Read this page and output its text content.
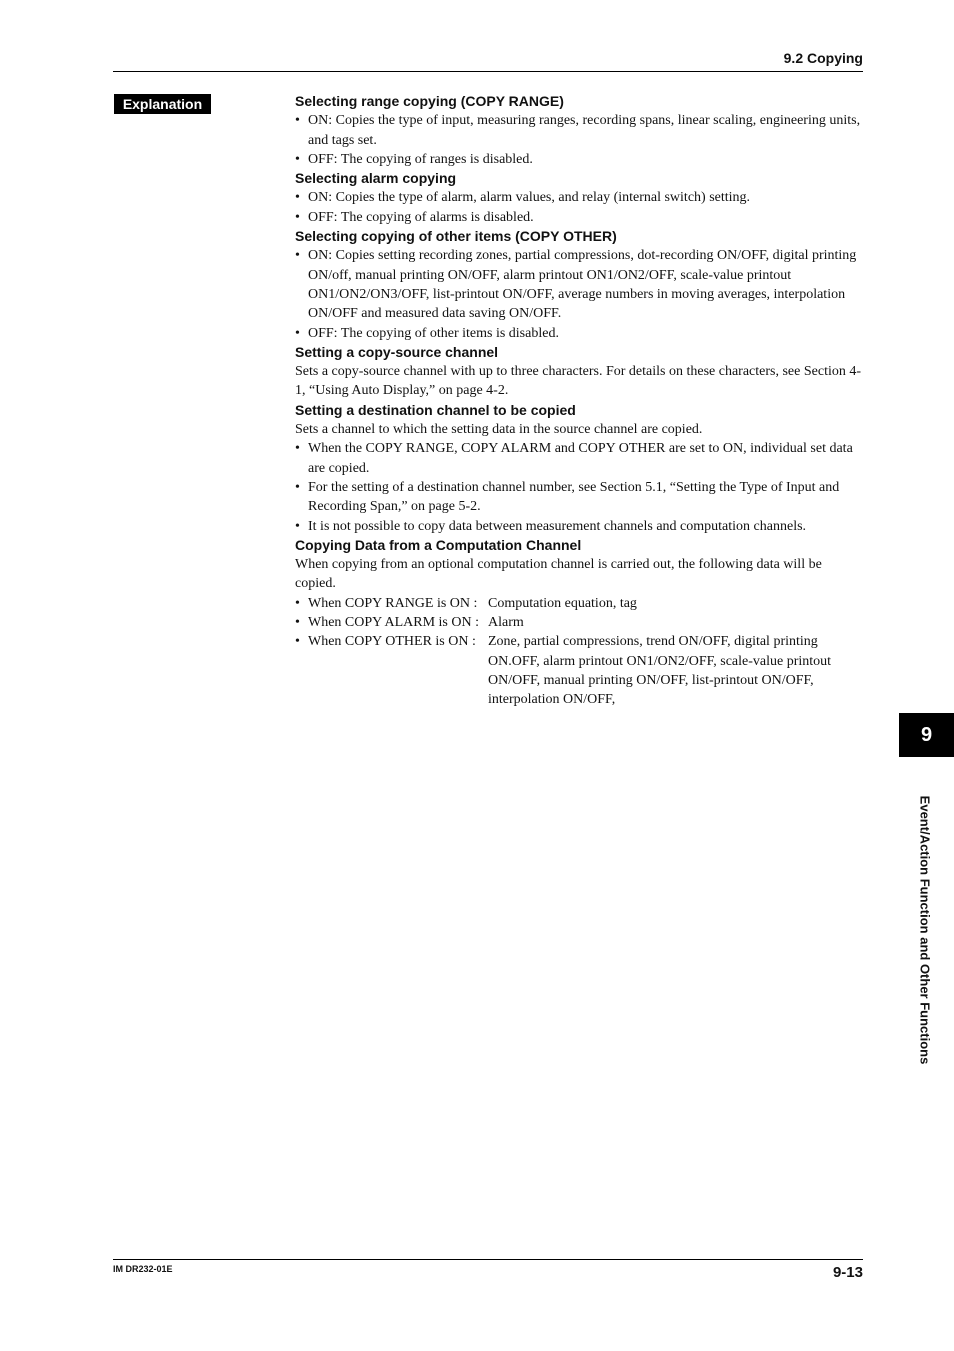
9.2 Copying
Explanation	Selecting range copying (COPY RANGE)

• ON: Copies the type of input, measuring ranges, recording spans, linear scaling, engineering units, and tags set.
• OFF: The copying of ranges is disabled.

Selecting alarm copying

• ON: Copies the type of alarm, alarm values, and relay (internal switch) setting.
• OFF: The copying of alarms is disabled.

Selecting copying of other items (COPY OTHER)

• ON: Copies setting recording zones, partial compressions, dot-recording ON/OFF, digital printing ON/off, manual printing ON/OFF, alarm printout ON1/ON2/OFF, scale-value printout ON1/ON2/ON3/OFF, list-printout ON/OFF, average numbers in moving averages, interpolation ON/OFF and measured data saving ON/OFF.
• OFF: The copying of other items is disabled.

Setting a copy-source channel

Sets a copy-source channel with up to three characters. For details on these characters, see Section 4-1, “Using Auto Display,” on page 4-2.

Setting a destination channel to be copied

Sets a channel to which the setting data in the source channel are copied.

• When the COPY RANGE, COPY ALARM and COPY OTHER are set to ON, individual set data are copied.
• For the setting of a destination channel number, see Section 5.1, “Setting the Type of Input and Recording Span,” on page 5-2.
• It is not possible to copy data between measurement channels and computation channels.

Copying Data from a Computation Channel

When copying from an optional computation channel is carried out, the following data will be copied.

• When COPY RANGE is ON : Computation equation, tag
• When COPY ALARM is ON : Alarm
• When COPY OTHER is ON : Zone, partial compressions, trend ON/OFF, digital printing ON.OFF, alarm printout ON1/ON2/OFF, scale-value printout ON/OFF, manual printing ON/OFF, list-printout ON/OFF, interpolation ON/OFF,
9
Event/Action Function and Other Functions
IM DR232-01E	9-13
